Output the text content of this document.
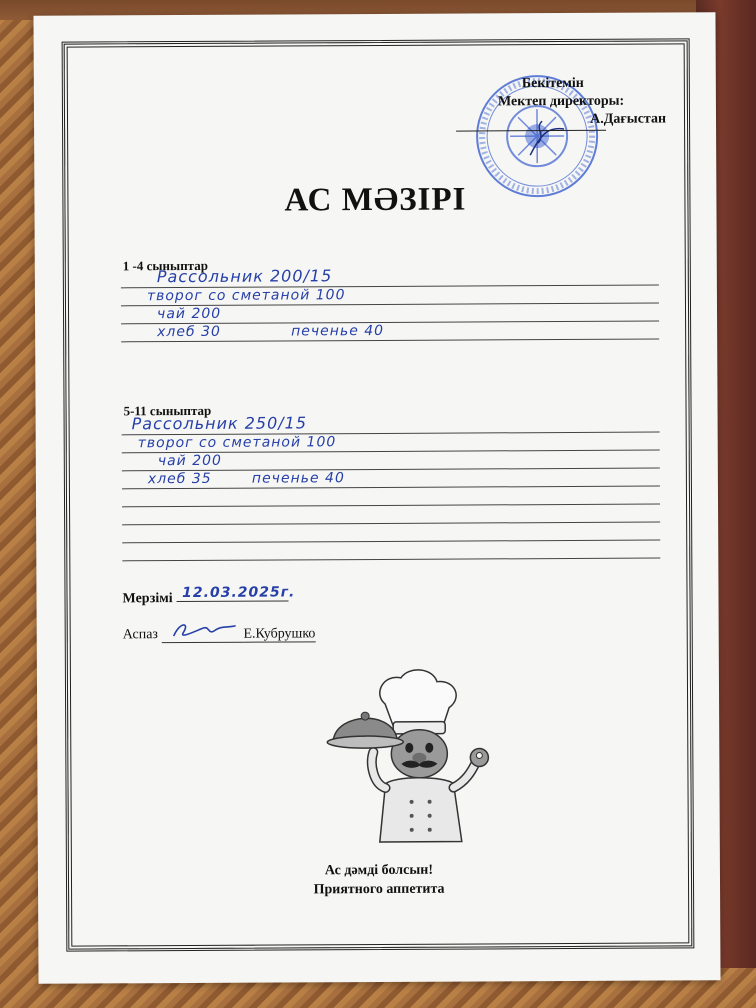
Бекітемін
Мектеп директоры:
А.Дағыстан
АС МӘЗІРІ
1 -4 сыныптар
Рассольник 200/15
творог со сметаной 100
чай 200
хлеб 30	печенье 40
5-11 сыныптар
Рассольник 250/15
творог со сметаной 100
чай 200
хлеб 35	печенье 40
Мерзімі 12.03.2025г.
Аспаз	Е.Кубрушко
Ас дәмді болсын!
Приятного аппетита
